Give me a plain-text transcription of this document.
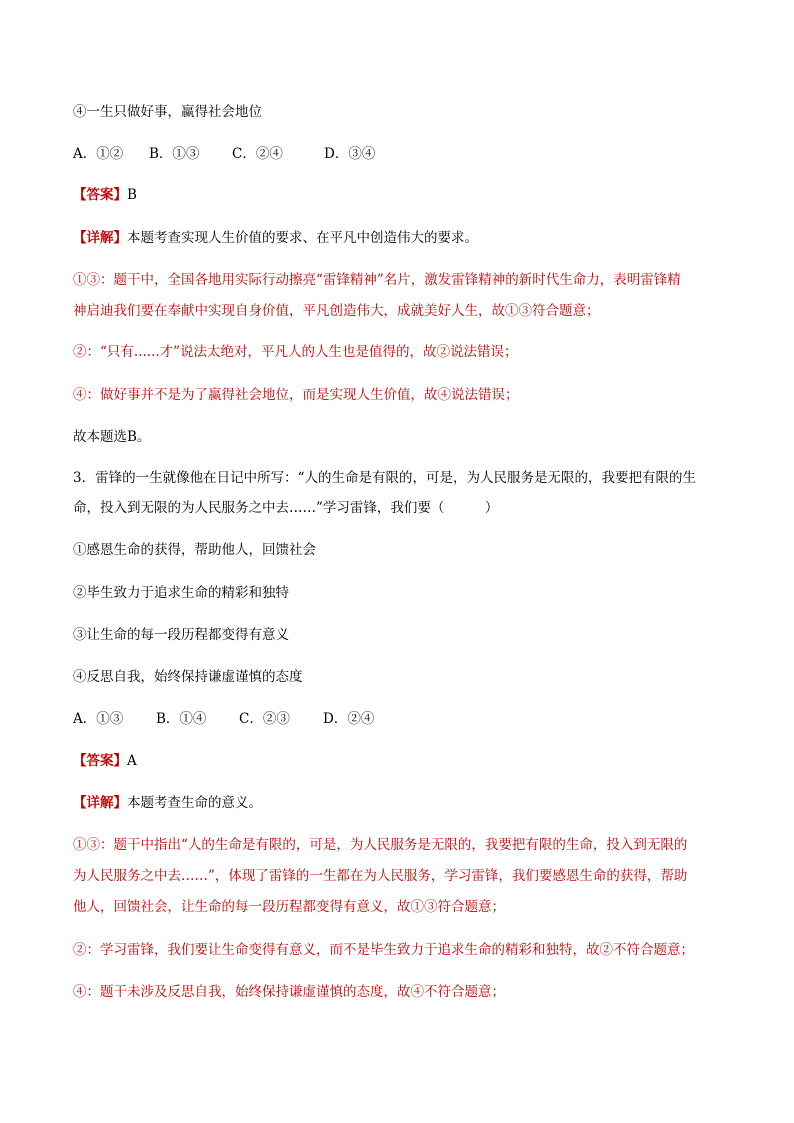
④一生只做好事，赢得社会地位
A．①② B．①③ C．②④	D．③④
【答案】B
【详解】本题考查实现人生价值的要求、在平凡中创造伟大的要求。
①③：题干中，全国各地用实际行动擦亮“雷锋精神”名片，激发雷锋精神的新时代生命力，表明雷锋精
神启迪我们要在奉献中实现自身价值，平凡创造伟大，成就美好人生，故①③符合题意；
②：“只有......才”说法太绝对，平凡人的人生也是值得的，故②说法错误；
④：做好事并不是为了赢得社会地位，而是实现人生价值，故④说法错误；
故本题选B。
3．雷锋的一生就像他在日记中所写：“人的生命是有限的，可是，为人民服务是无限的，我要把有限的生
命，投入到无限的为人民服务之中去……”学习雷锋，我们要（　　　）
①感恩生命的获得，帮助他人，回馈社会
②毕生致力于追求生命的精彩和独特
③让生命的每一段历程都变得有意义
④反思自我，始终保持谦虚谨慎的态度
A．①③ B．①④ C．②③ D．②④
【答案】A
【详解】本题考查生命的意义。
①③：题干中指出“人的生命是有限的，可是，为人民服务是无限的，我要把有限的生命，投入到无限的
为人民服务之中去……”，体现了雷锋的一生都在为人民服务，学习雷锋，我们要感恩生命的获得，帮助
他人，回馈社会，让生命的每一段历程都变得有意义，故①③符合题意；
②：学习雷锋，我们要让生命变得有意义，而不是毕生致力于追求生命的精彩和独特，故②不符合题意；
④：题干未涉及反思自我，始终保持谦虚谨慎的态度，故④不符合题意；
